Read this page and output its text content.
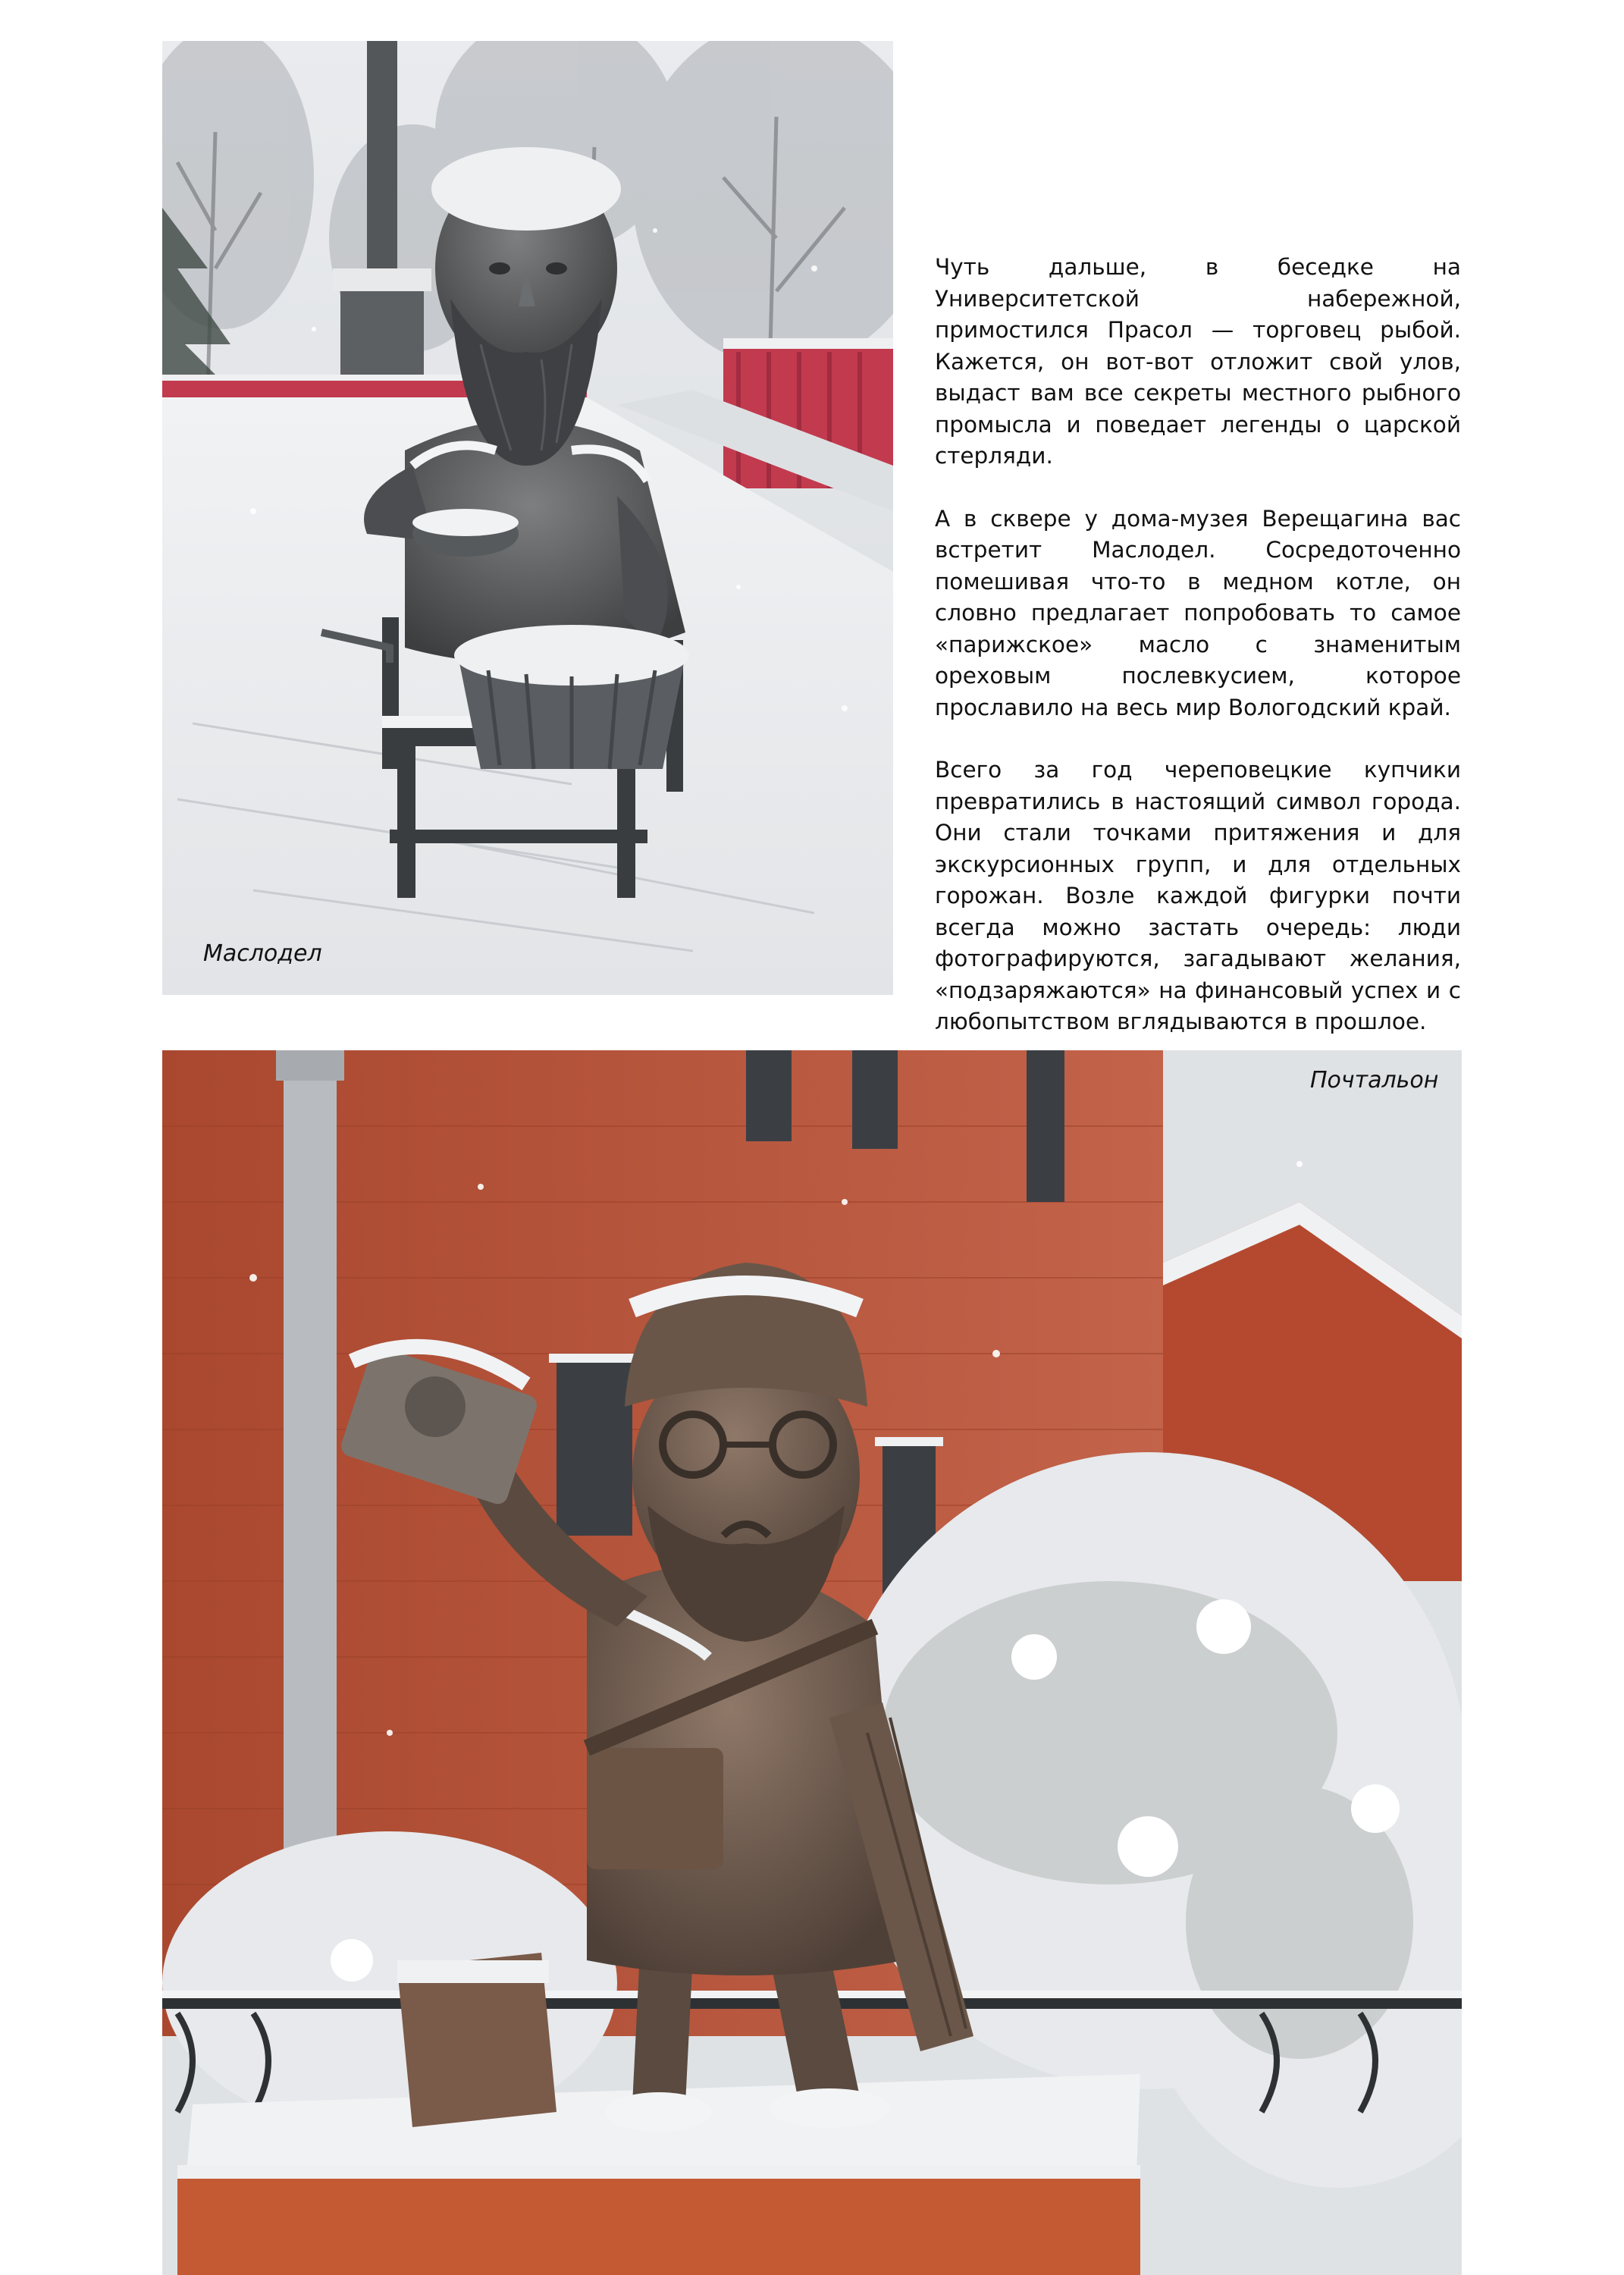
Маслодел

Чуть дальше, в беседке на Университетской набережной, примостился Прасол — торговец рыбой. Кажется, он вот-вот отложит свой улов, выдаст вам все секреты местного рыбного промысла и поведает легенды о царской стерляди.

А в сквере у дома-музея Верещагина вас встретит Маслодел. Сосредоточенно помешивая что-то в медном котле, он словно предлагает попробовать то самое «парижское» масло с знаменитым ореховым послевкусием, которое прославило на весь мир Вологодский край.

Всего за год череповецкие купчики превратились в настоящий символ города. Они стали точками притяжения и для экскурсионных групп, и для отдельных горожан. Возле каждой фигурки почти всегда можно застать очередь: люди фотографируются, загадывают желания, «подзаряжаются» на финансовый успех и с любопытством вглядываются в прошлое.

Почтальон
